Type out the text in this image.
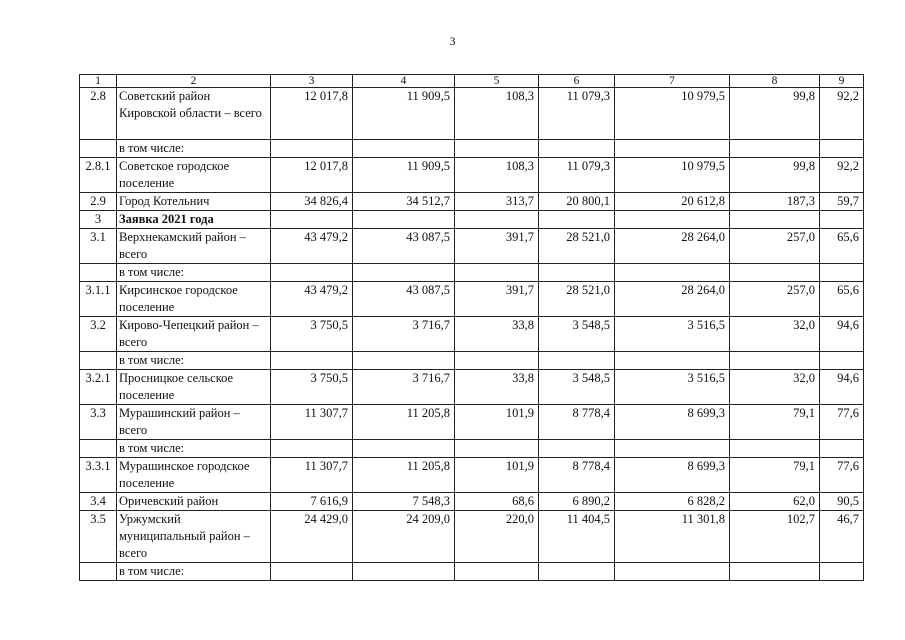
3
1	2	3	4	5	6	7	8	9
2.8	Советский район Кировской области – всего	12 017,8	11 909,5	108,3	11 079,3	10 979,5	99,8	92,2
	в том числе:							
2.8.1	Советское городское поселение	12 017,8	11 909,5	108,3	11 079,3	10 979,5	99,8	92,2
2.9	Город Котельнич	34 826,4	34 512,7	313,7	20 800,1	20 612,8	187,3	59,7
3	Заявка 2021 года							
3.1	Верхнекамский район – всего	43 479,2	43 087,5	391,7	28 521,0	28 264,0	257,0	65,6
	в том числе:							
3.1.1	Кирсинское городское поселение	43 479,2	43 087,5	391,7	28 521,0	28 264,0	257,0	65,6
3.2	Кирово-Чепецкий район – всего	3 750,5	3 716,7	33,8	3 548,5	3 516,5	32,0	94,6
	в том числе:							
3.2.1	Просницкое сельское поселение	3 750,5	3 716,7	33,8	3 548,5	3 516,5	32,0	94,6
3.3	Мурашинский район – всего	11 307,7	11 205,8	101,9	8 778,4	8 699,3	79,1	77,6
	в том числе:							
3.3.1	Мурашинское городское поселение	11 307,7	11 205,8	101,9	8 778,4	8 699,3	79,1	77,6
3.4	Оричевский район	7 616,9	7 548,3	68,6	6 890,2	6 828,2	62,0	90,5
3.5	Уржумский муниципальный район – всего	24 429,0	24 209,0	220,0	11 404,5	11 301,8	102,7	46,7
	в том числе:							
